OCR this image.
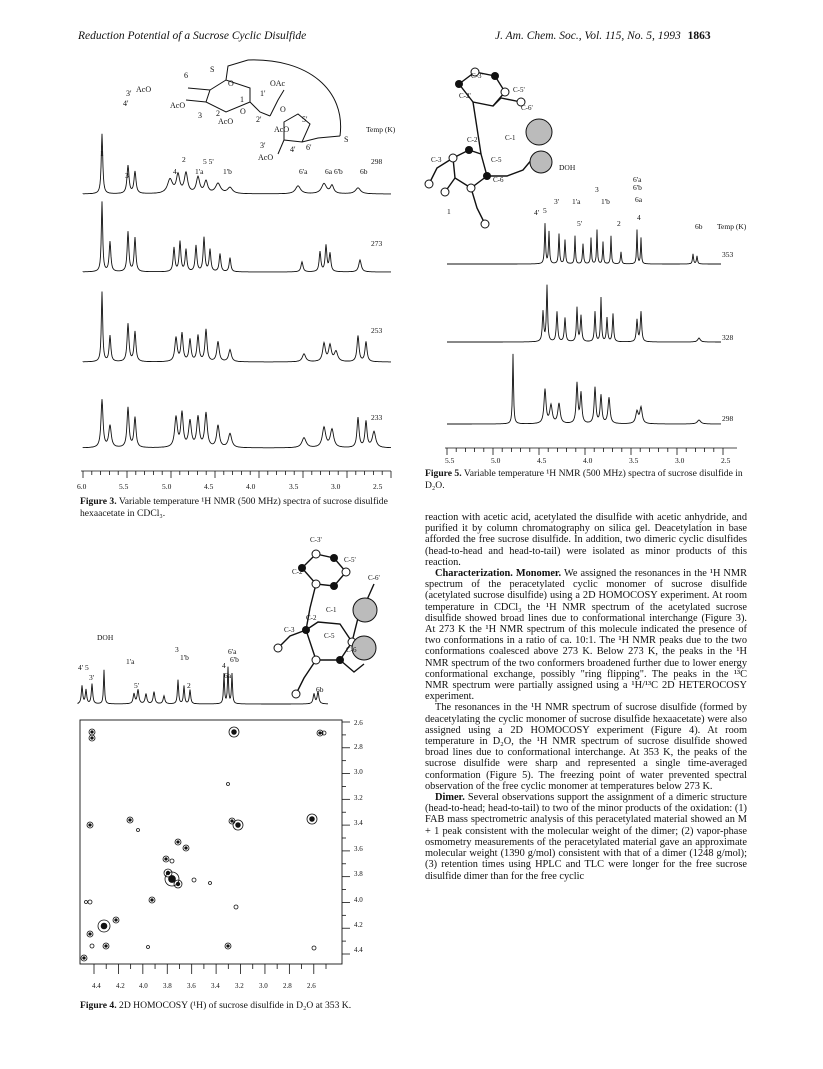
Reduction Potential of a Sucrose Cyclic Disulfide	J. Am. Chem. Soc., Vol. 115, No. 5, 1993 1863
S
3'
4'
AcO
AcO
2
3
AcO
6
O
1
1'
OAc
O
2'
O
5'
AcO
3'	4' 6'
S
AcO
Temp (K)
1
3	4
2 5 5'
1'a	1'b	6'a 6a 6'b 6b
298
273
253
233
6.0	5.5	5.0	4.5	4.0	3.5	3.0	2.5
Figure 3. Variable temperature ¹H NMR (500 MHz) spectra of sucrose disulfide hexaacetate in CDCl₃.
C-3'
C-2'
C-5'
C-6'
C-2
C-1
C-3
C-5
C-6
DOH
3
1'b
1'a
4' 5
3'
5'	2
6'a
6'b
4
6a
6b
2.6
2.8
3.0
3.2
3.4
3.6
3.8
4.0
4.2
4.4
4.4 4.2 4.0 3.8 3.6 3.4 3.2 3.0 2.8 2.6
Figure 4. 2D HOMOCOSY (¹H) of sucrose disulfide in D₂O at 353 K.
C-3'
C-5'
C-2'
C-6'
C-2	C-1
C-3	C-5
C-6
DOH
Temp (K)
1	4' 5
3' 1'a	1'b
5'
3
2
6'a
6'b
6a
4
6b
353
328
298
5.5	5.0	4.5	4.0	3.5	3.0	2.5
Figure 5. Variable temperature ¹H NMR (500 MHz) spectra of sucrose disulfide in D₂O.

reaction with acetic acid, acetylated the disulfide with acetic anhydride, and purified it by column chromatography on silica gel. Deacetylation in base afforded the free sucrose disulfide. In addition, two dimeric cyclic disulfides (head-to-head and head-to-tail) were isolated as minor products of this reaction.

Characterization. Monomer. We assigned the resonances in the ¹H NMR spectrum of the peracetylated cyclic monomer of sucrose disulfide (acetylated sucrose disulfide) using a 2D HOMOCOSY experiment. At room temperature in CDCl₃ the ¹H NMR spectrum of the acetylated sucrose disulfide showed broad lines due to conformational interchange (Figure 3). At 273 K the ¹H NMR spectrum of this molecule indicated the presence of two conformations in a ratio of ca. 10:1. The ¹H NMR peaks due to the two conformations coalesced above 273 K. Below 273 K, the peaks in the ¹H NMR spectrum of the two conformers broadened further due to lower energy conformational exchange, possibly "ring flipping". The peaks in the ¹³C NMR spectrum were partially assigned using a ¹H/¹³C 2D HETEROCOSY experiment.

The resonances in the ¹H NMR spectrum of sucrose disulfide (formed by deacetylating the cyclic monomer of sucrose disulfide hexaacetate) were also assigned using a 2D HOMOCOSY experiment (Figure 4). At room temperature in D₂O, the ¹H NMR spectrum of sucrose disulfide showed broad lines due to conformational interchange. At 353 K, the peaks of the sucrose disulfide were sharp and represented a single time-averaged conformation (Figure 5). The freezing point of water prevented spectral observation of the free cyclic monomer at temperatures below 273 K.

Dimer. Several observations support the assignment of a dimeric structure (head-to-head; head-to-tail) to two of the minor products of the oxidation: (1) FAB mass spectrometric analysis of this peracetylated material showed an M + 1 peak consistent with the molecular weight of the dimer; (2) vapor-phase osmometry measurements of the peracetylated material gave an approximate molecular weight (1390 g/mol) consistent with that of a dimer (1248 g/mol); (3) retention times using HPLC and TLC were longer for the free sucrose disulfide dimer than for the free cyclic
